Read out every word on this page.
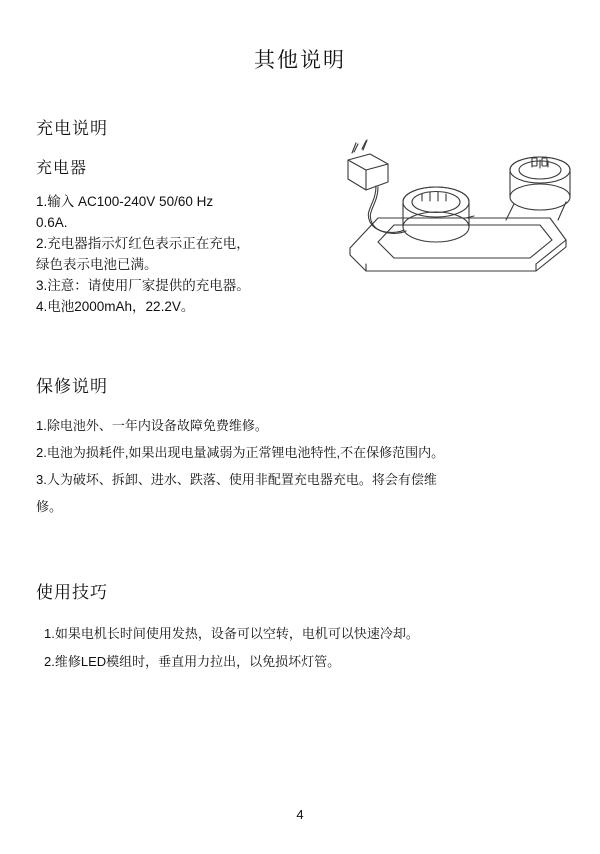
其他说明
充电说明
充电器
1.输入 AC100-240V 50/60 Hz
0.6A.
2.充电器指示灯红色表示正在充电，
绿色表示电池已满。
3.注意：请使用厂家提供的充电器。
4.电池2000mAh，22.2V。
保修说明
1.除电池外、一年内设备故障免费维修。
2.电池为损耗件,如果出现电量减弱为正常锂电池特性,不在保修范围内。
3.人为破坏、拆卸、进水、跌落、使用非配置充电器充电。将会有偿维
修。
使用技巧
1.如果电机长时间使用发热，设备可以空转，电机可以快速冷却。
2.维修LED模组时，垂直用力拉出，以免损坏灯管。
4
